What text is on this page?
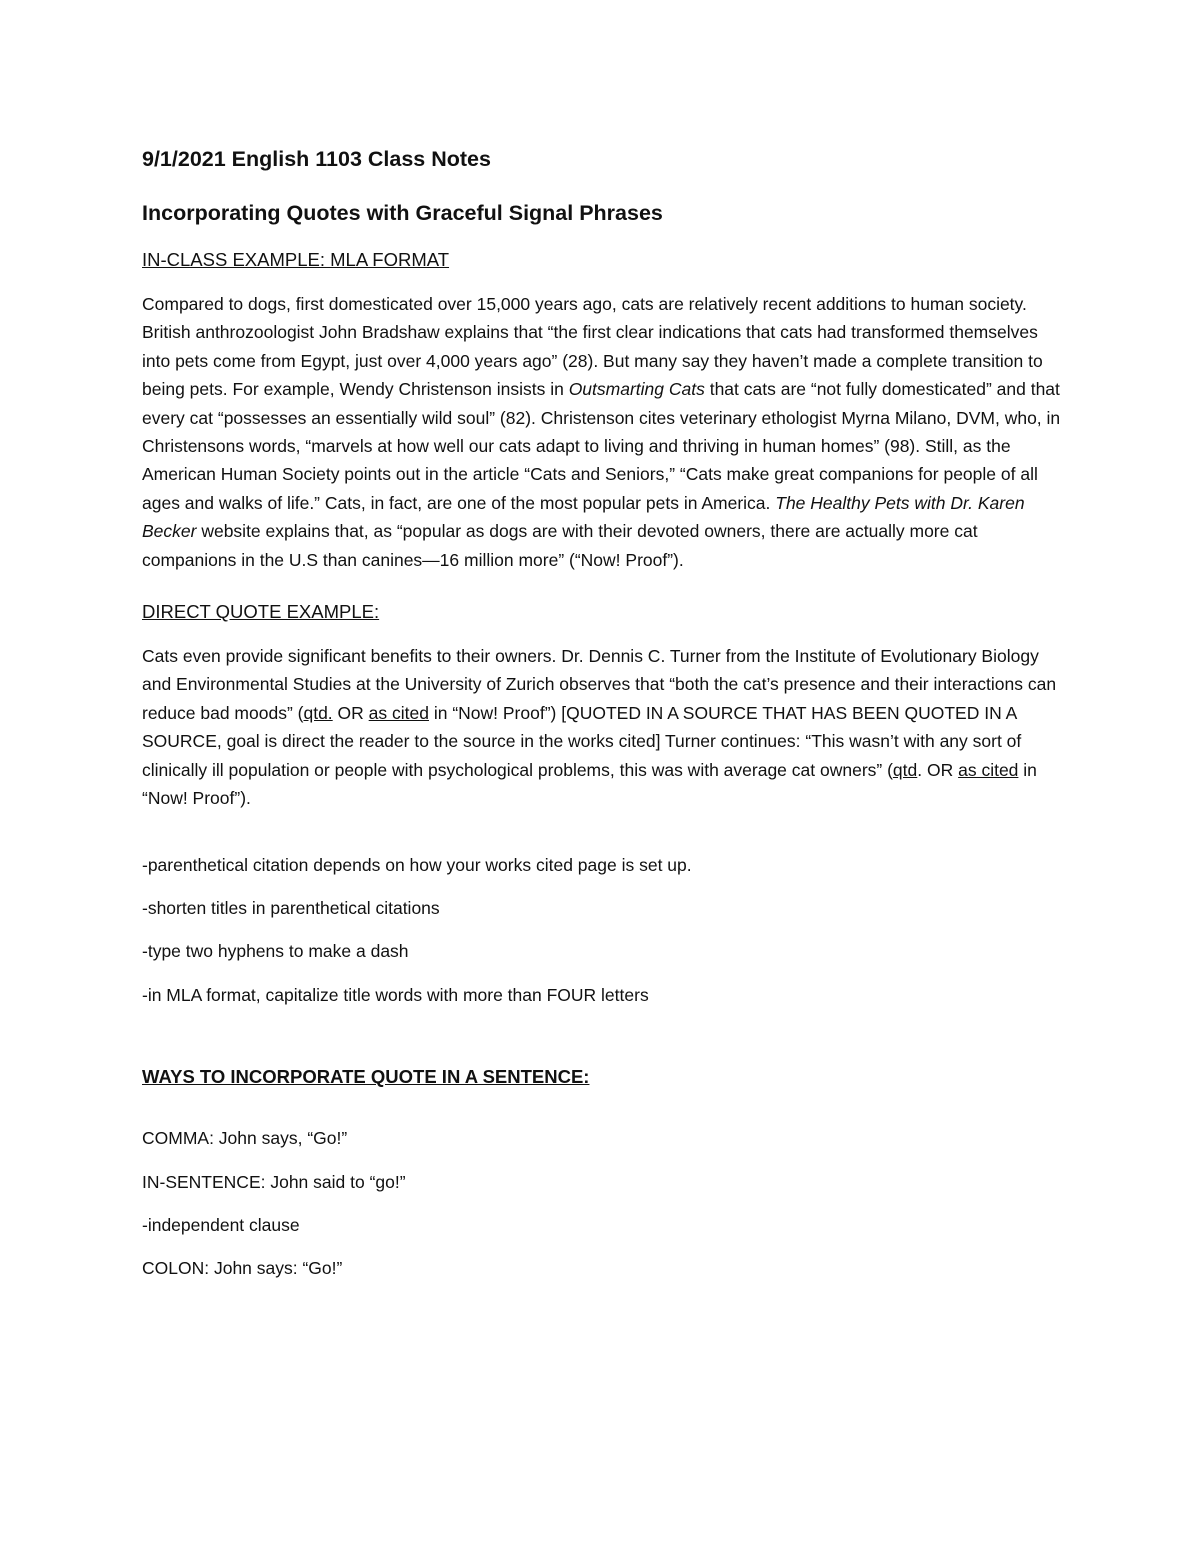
9/1/2021 English 1103 Class Notes
Incorporating Quotes with Graceful Signal Phrases
IN-CLASS EXAMPLE: MLA FORMAT

Compared to dogs, first domesticated over 15,000 years ago, cats are relatively recent additions to human society. British anthrozoologist John Bradshaw explains that “the first clear indications that cats had transformed themselves into pets come from Egypt, just over 4,000 years ago” (28). But many say they haven’t made a complete transition to being pets. For example, Wendy Christenson insists in Outsmarting Cats that cats are “not fully domesticated” and that every cat “possesses an essentially wild soul” (82). Christenson cites veterinary ethologist Myrna Milano, DVM, who, in Christensons words, “marvels at how well our cats adapt to living and thriving in human homes” (98). Still, as the American Human Society points out in the article “Cats and Seniors,” “Cats make great companions for people of all ages and walks of life.” Cats, in fact, are one of the most popular pets in America. The Healthy Pets with Dr. Karen Becker website explains that, as “popular as dogs are with their devoted owners, there are actually more cat companions in the U.S than canines—16 million more” (“Now! Proof”).

DIRECT QUOTE EXAMPLE:

Cats even provide significant benefits to their owners. Dr. Dennis C. Turner from the Institute of Evolutionary Biology and Environmental Studies at the University of Zurich observes that “both the cat’s presence and their interactions can reduce bad moods” (qtd. OR as cited in “Now! Proof”) [QUOTED IN A SOURCE THAT HAS BEEN QUOTED IN A SOURCE, goal is direct the reader to the source in the works cited] Turner continues: “This wasn’t with any sort of clinically ill population or people with psychological problems, this was with average cat owners” (qtd. OR as cited in “Now! Proof”).

-parenthetical citation depends on how your works cited page is set up.

-shorten titles in parenthetical citations

-type two hyphens to make a dash

-in MLA format, capitalize title words with more than FOUR letters

WAYS TO INCORPORATE QUOTE IN A SENTENCE:

COMMA: John says, “Go!”

IN-SENTENCE: John said to “go!”

-independent clause

COLON: John says: “Go!”
